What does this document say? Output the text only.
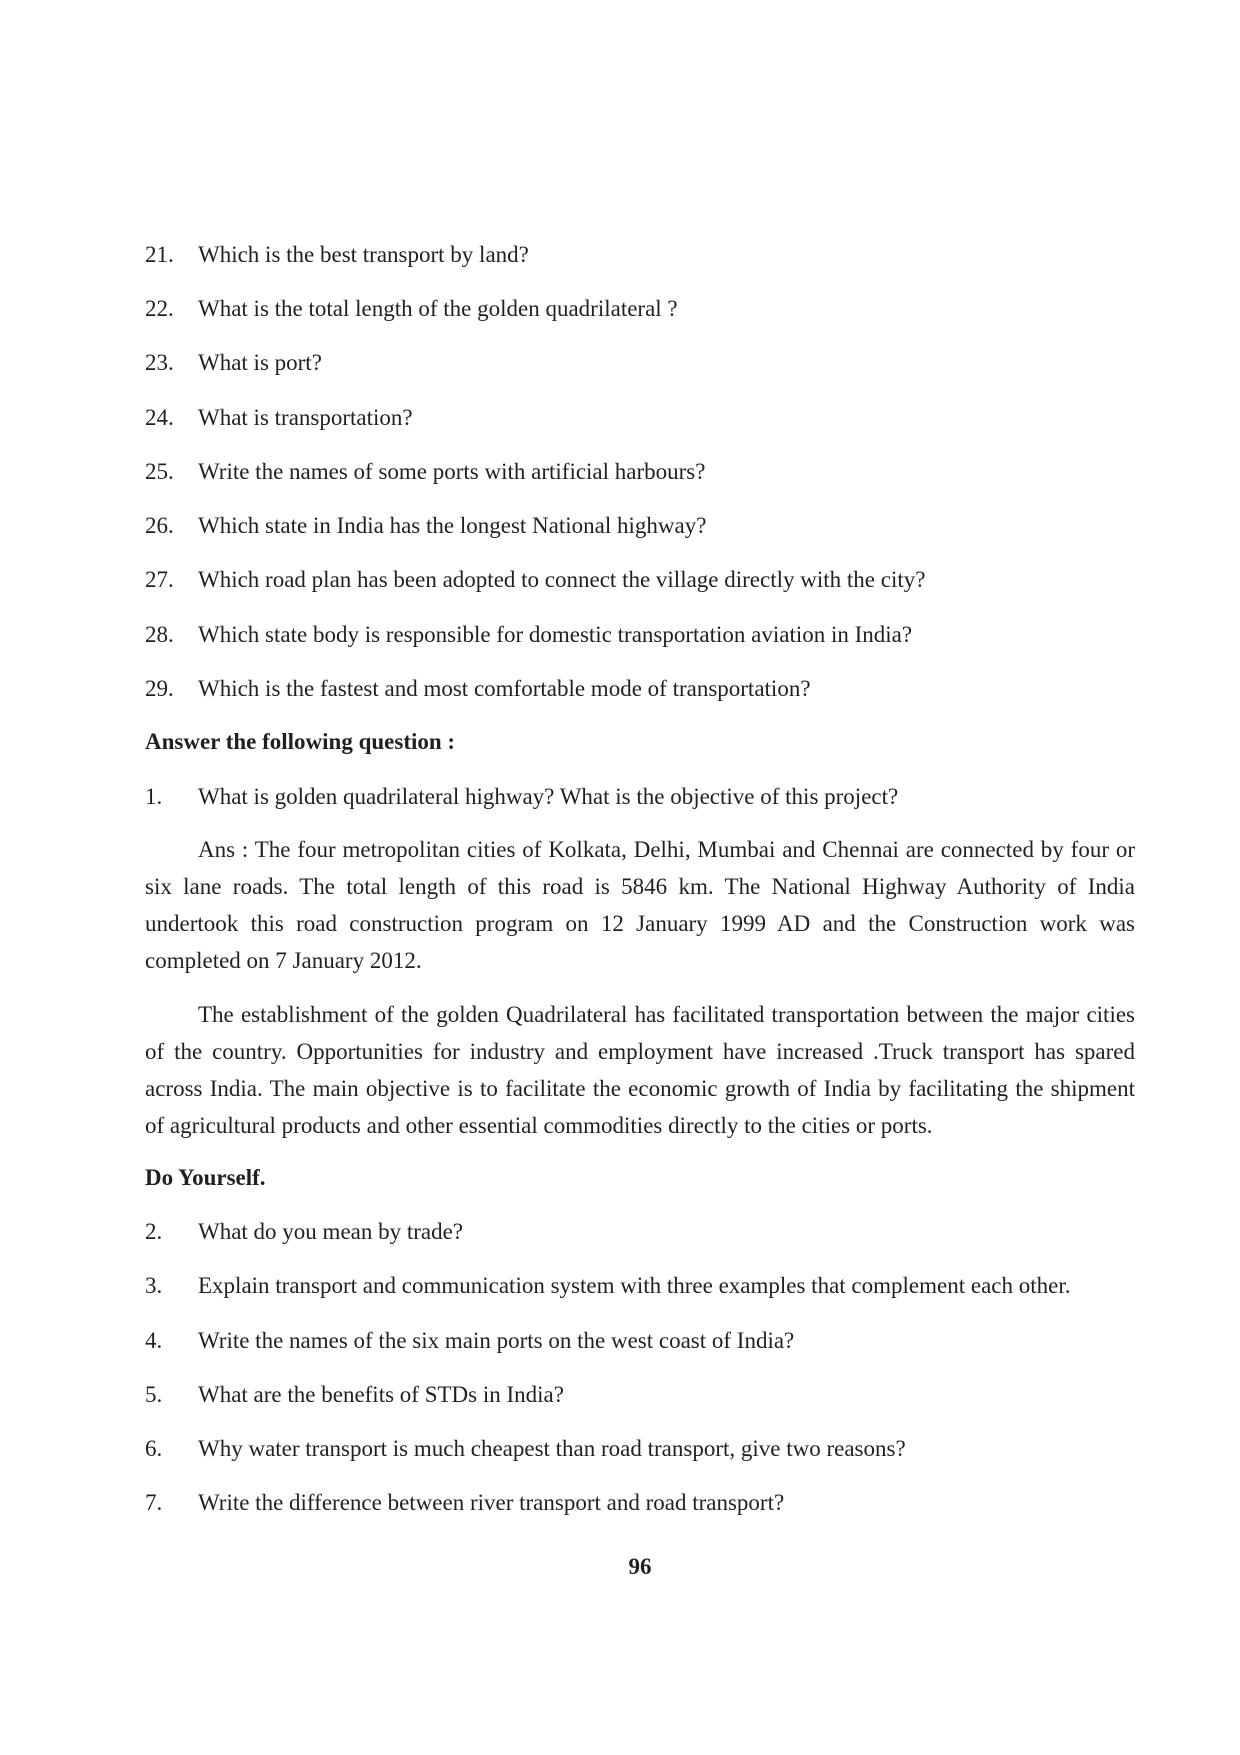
21. Which is the best transport by land?
22. What is the total length of the golden quadrilateral ?
23. What is port?
24. What is transportation?
25. Write the names of some ports with artificial harbours?
26. Which state in India has the longest National highway?
27. Which road plan has been adopted to connect the village directly with the city?
28. Which state body is responsible for domestic transportation aviation in India?
29. Which is the fastest and most comfortable mode of transportation?
Answer the following question :
1. What is golden quadrilateral highway? What is the objective of this project?
Ans : The four metropolitan cities of Kolkata, Delhi, Mumbai and Chennai are connected by four or six lane roads. The total length of this road is 5846 km. The National Highway Authority of India undertook this road construction program on 12 January 1999 AD and the Construction work was completed on 7 January 2012.
The establishment of the golden Quadrilateral has facilitated transportation between the major cities of the country. Opportunities for industry and employment have increased .Truck transport has spared across India. The main objective is to facilitate the economic growth of India by facilitating the shipment of agricultural products and other essential commodities directly to the cities or ports.
Do Yourself.
2. What do you mean by trade?
3. Explain transport and communication system with three examples that complement each other.
4. Write the names of the six main ports on the west coast of India?
5. What are the benefits of STDs in India?
6. Why water transport is much cheapest than road transport, give two reasons?
7. Write the difference between river transport and road transport?
96
